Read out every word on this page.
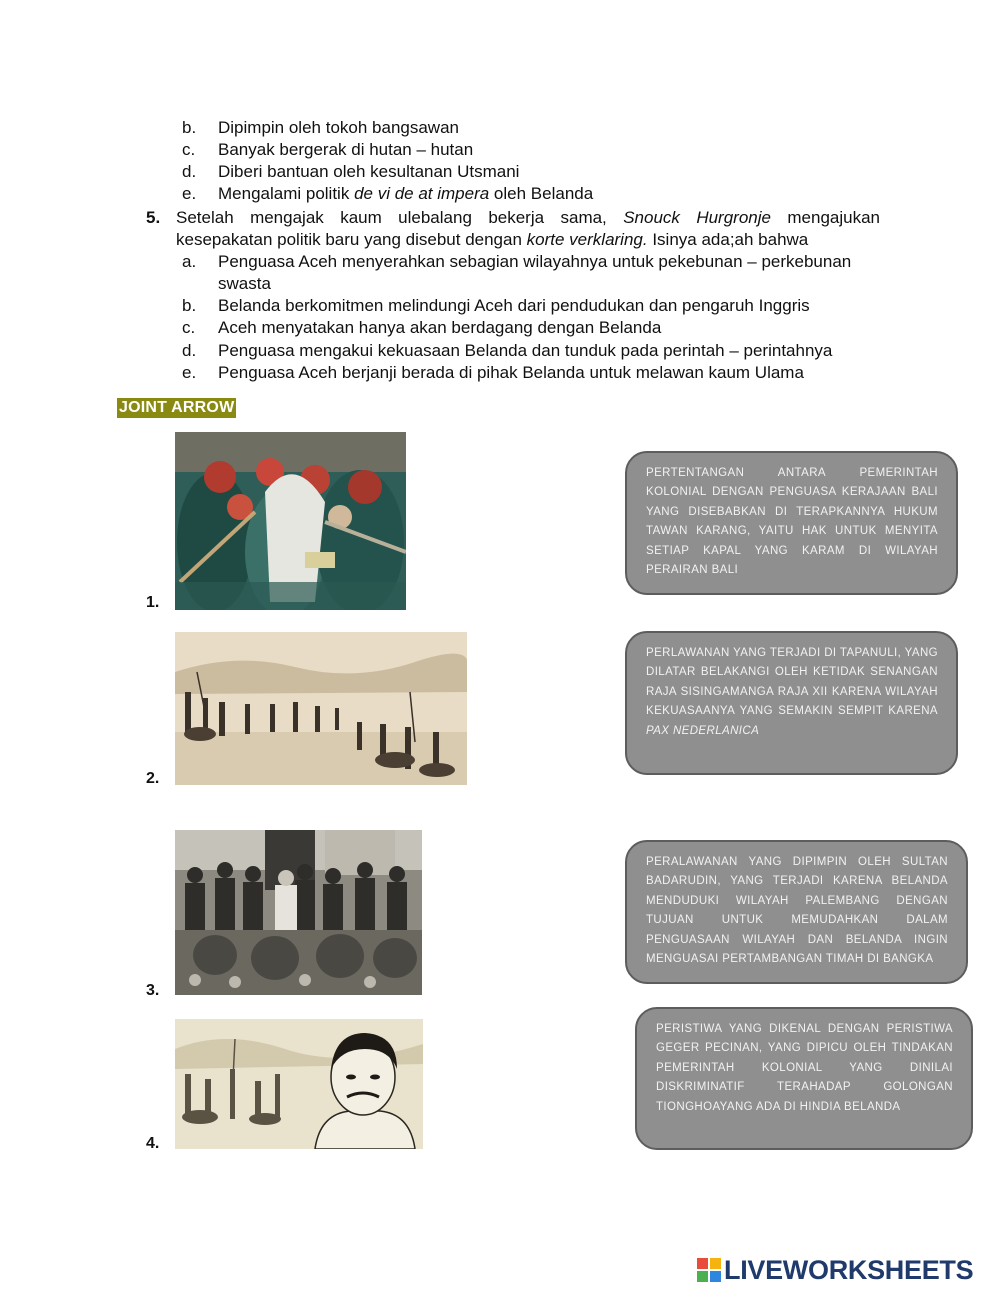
b. Dipimpin oleh tokoh bangsawan
c. Banyak bergerak di hutan – hutan
d. Diberi bantuan oleh kesultanan Utsmani
e. Mengalami politik de vi de at impera oleh Belanda
5. Setelah mengajak kaum ulebalang bekerja sama, Snouck Hurgronje mengajukan
kesepakatan politik baru yang disebut dengan korte verklaring. Isinya ada;ah bahwa
a. Penguasa Aceh menyerahkan sebagian wilayahnya untuk pekebunan – perkebunan
swasta
b. Belanda berkomitmen melindungi Aceh dari pendudukan dan pengaruh Inggris
c. Aceh menyatakan hanya akan berdagang dengan Belanda
d. Penguasa mengakui kekuasaan Belanda dan tunduk pada perintah – perintahnya
e. Penguasa Aceh berjanji berada di pihak Belanda untuk melawan kaum Ulama
JOINT ARROW
1.
PERTENTANGAN ANTARA PEMERINTAH KOLONIAL DENGAN PENGUASA KERAJAAN BALI YANG DISEBABKAN DI TERAPKANNYA HUKUM TAWAN KARANG, YAITU HAK UNTUK MENYITA SETIAP KAPAL YANG KARAM DI WILAYAH PERAIRAN BALI
2.
PERLAWANAN YANG TERJADI DI TAPANULI, YANG DILATAR BELAKANGI OLEH KETIDAK SENANGAN RAJA SISINGAMANGA RAJA XII KARENA WILAYAH KEKUASAANYA YANG SEMAKIN SEMPIT KARENA PAX NEDERLANICA
3.
PERALAWANAN YANG DIPIMPIN OLEH SULTAN BADARUDIN, YANG TERJADI KARENA BELANDA MENDUDUKI WILAYAH PALEMBANG DENGAN TUJUAN UNTUK MEMUDAHKAN DALAM PENGUASAAN WILAYAH DAN BELANDA INGIN MENGUASAI PERTAMBANGAN TIMAH DI BANGKA
4.
PERISTIWA YANG DIKENAL DENGAN PERISTIWA GEGER PECINAN, YANG DIPICU OLEH TINDAKAN PEMERINTAH KOLONIAL YANG DINILAI DISKRIMINATIF TERAHADAP GOLONGAN TIONGHOAYANG ADA DI HINDIA BELANDA
LIVEWORKSHEETS
